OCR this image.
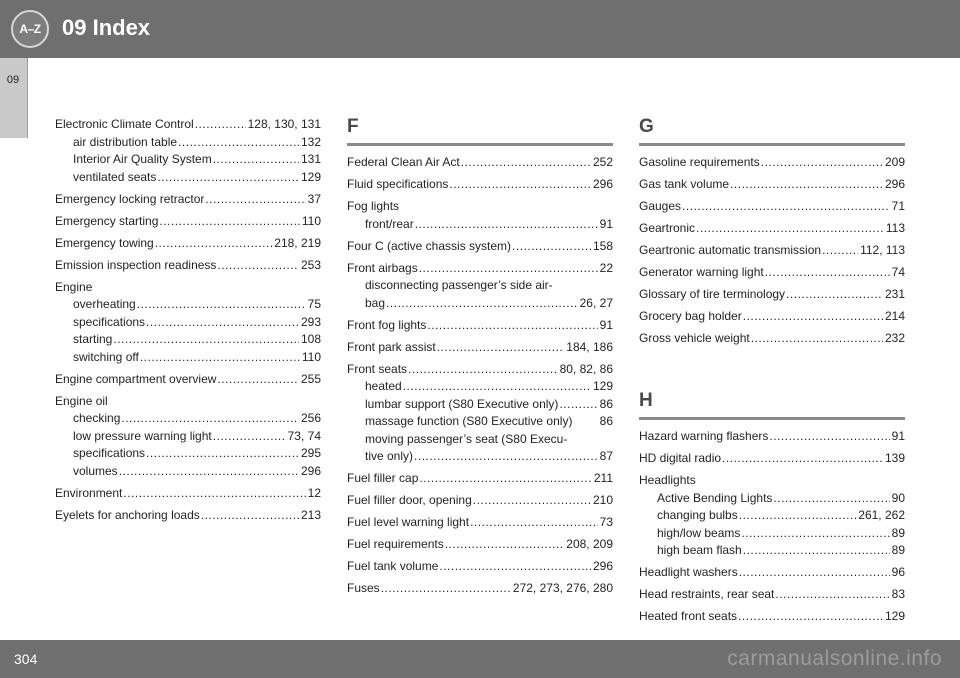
A–Z 09 Index
09
Electronic Climate Control .....	128, 130, 131
air distribution table .....	132
Interior Air Quality System .....	131
ventilated seats .....	129
Emergency locking retractor .....	37
Emergency starting .....	110
Emergency towing .....	218, 219
Emission inspection readiness .....	253
Engine
overheating .....	75
specifications .....	293
starting .....	108
switching off .....	110
Engine compartment overview .....	255
Engine oil
checking .....	256
low pressure warning light .....	73, 74
specifications .....	295
volumes .....	296
Environment .....	12
Eyelets for anchoring loads .....	213
F
Federal Clean Air Act .....	252
Fluid specifications .....	296
Fog lights
front/rear .....	91
Four C (active chassis system) .....	158
Front airbags .....	22
disconnecting passenger’s side air-
bag .....	26, 27
Front fog lights .....	91
Front park assist .....	184, 186
Front seats .....	80, 82, 86
heated .....	129
lumbar support (S80 Executive only) .....	86
massage function (S80 Executive only) 86
moving passenger’s seat (S80 Execu-
tive only) .....	87
Fuel filler cap .....	211
Fuel filler door, opening .....	210
Fuel level warning light .....	73
Fuel requirements .....	208, 209
Fuel tank volume .....	296
Fuses .....	272, 273, 276, 280
G
Gasoline requirements .....	209
Gas tank volume .....	296
Gauges .....	71
Geartronic .....	113
Geartronic automatic transmission .....	112, 113
Generator warning light .....	74
Glossary of tire terminology .....	231
Grocery bag holder .....	214
Gross vehicle weight .....	232
H
Hazard warning flashers .....	91
HD digital radio .....	139
Headlights
Active Bending Lights .....	90
changing bulbs .....	261, 262
high/low beams .....	89
high beam flash .....	89
Headlight washers .....	96
Head restraints, rear seat .....	83
Heated front seats .....	129
304	carmanualsonline.info
